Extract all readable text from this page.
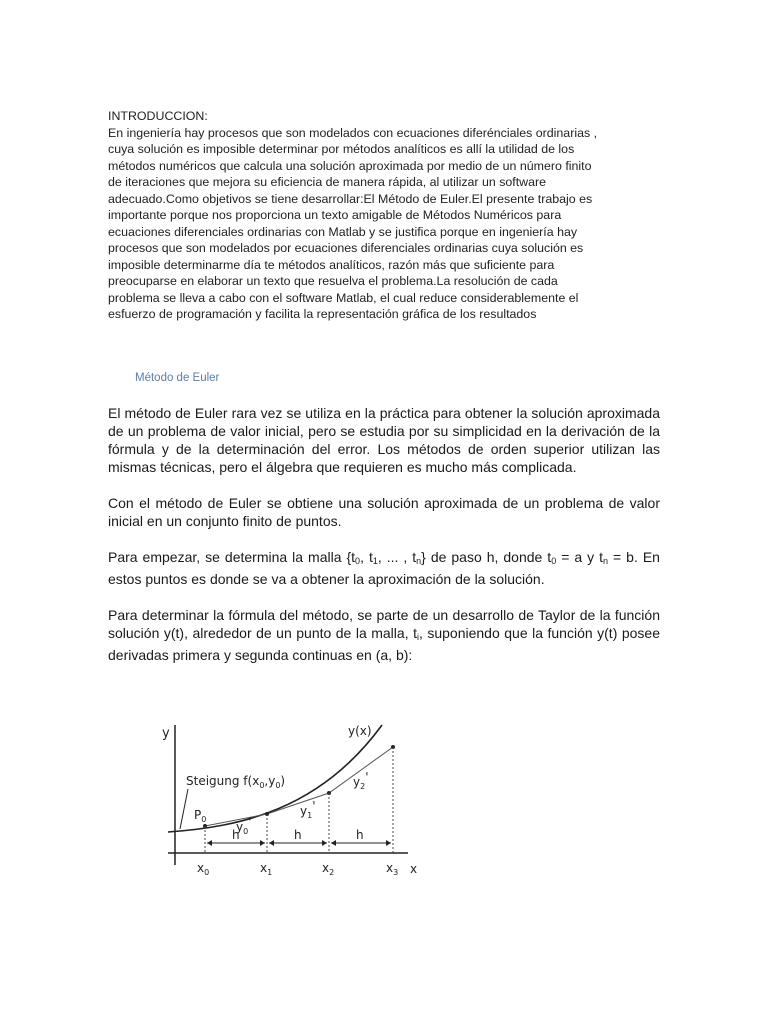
INTRODUCCION:

En ingeniería hay procesos que son modelados con ecuaciones diferénciales ordinarias ,

cuya solución es imposible determinar por métodos analíticos es allí la utilidad de los

métodos numéricos que calcula una solución aproximada por medio de un número finito

de iteraciones que mejora su eficiencia de manera rápida, al utilizar un software

adecuado.Como objetivos se tiene desarrollar:El Método de Euler.El presente trabajo es

importante porque nos proporciona un texto amigable de Métodos Numéricos para

ecuaciones diferenciales ordinarias con Matlab y se justifica porque en ingeniería hay

procesos que son modelados por ecuaciones diferenciales ordinarias cuya solución es

imposible determinarme día te métodos analíticos, razón más que suficiente para

preocuparse en elaborar un texto que resuelva el problema.La resolución de cada

problema se lleva a cabo con el software Matlab, el cual reduce considerablemente el

esfuerzo de programación y facilita la representación gráfica de los resultados

Método de Euler

El método de Euler rara vez se utiliza en la práctica para obtener la solución aproximada de un problema de valor inicial, pero se estudia por su simplicidad en la derivación de la fórmula y de la determinación del error. Los métodos de orden superior utilizan las mismas técnicas, pero el álgebra que requieren es mucho más complicada.

Con el método de Euler se obtiene una solución aproximada de un problema de valor inicial en un conjunto finito de puntos.

Para empezar, se determina la malla {$t_0$, $t_1$, ... , $t_n$} de paso h, donde $t_0 = a$ y $t_n = b$. En estos puntos es donde se va a obtener la aproximación de la solución.

Para determinar la fórmula del método, se parte de un desarrollo de Taylor de la función solución y(t), alrededor de un punto de la malla, $t_i$, suponiendo que la función y(t) posee derivadas primera y segunda continuas en (a, b):

y
x
y(x)
Steigung $f(x_0,y_0)$
$P_0$
$y_0'$
$y_1'$
$y_2'$
h	h	h
$x_0$	$x_1$	$x_2$	$x_3$
